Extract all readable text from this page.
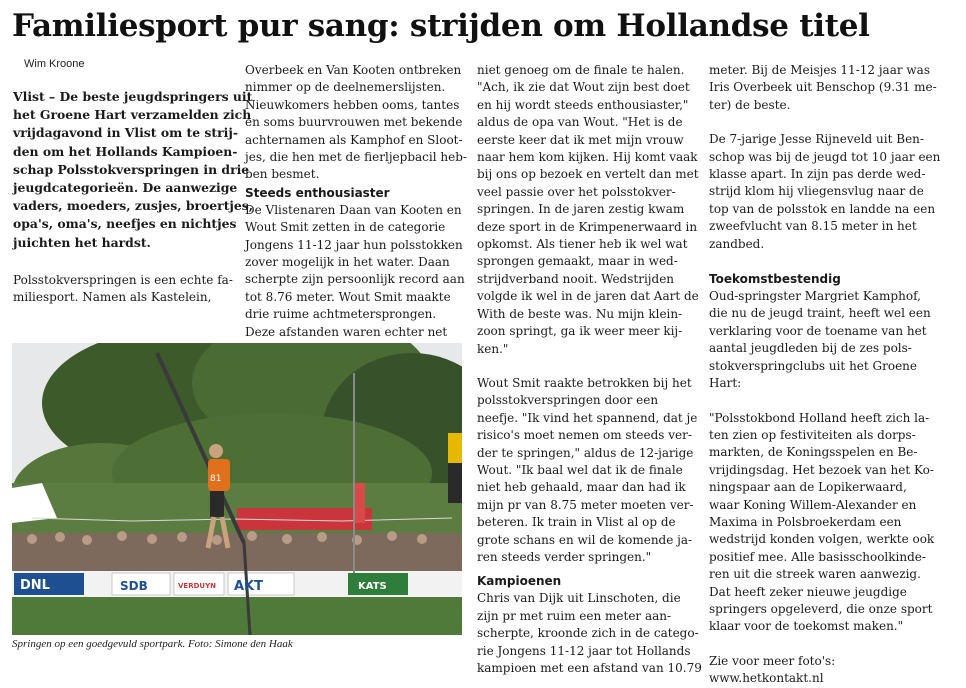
Familiesport pur sang: strijden om Hollandse titel
Wim Kroone
Vlist – De beste jeugdspringers uit
het Groene Hart verzamelden zich
vrijdagavond in Vlist om te strij-
den om het Hollands Kampioen-
schap Polsstokverspringen in drie
jeugdcategorieën. De aanwezige
vaders, moeders, zusjes, broertjes,
opa's, oma's, neefjes en nichtjes
juichten het hardst.
Polsstokverspringen is een echte fa-
miliesport. Namen als Kastelein,
Overbeek en Van Kooten ontbreken
nimmer op de deelnemerslijsten.
Nieuwkomers hebben ooms, tantes
en soms buurvrouwen met bekende
achternamen als Kamphof en Sloot-
jes, die hen met de fierljepbacil heb-
ben besmet.
Steeds enthousiaster
De Vlistenaren Daan van Kooten en
Wout Smit zetten in de categorie
Jongens 11-12 jaar hun polsstokken
zover mogelijk in het water. Daan
scherpte zijn persoonlijk record aan
tot 8.76 meter. Wout Smit maakte
drie ruime achtmetersprongen.
Deze afstanden waren echter net
niet genoeg om de finale te halen.
"Ach, ik zie dat Wout zijn best doet
en hij wordt steeds enthousiaster,"
aldus de opa van Wout. "Het is de
eerste keer dat ik met mijn vrouw
naar hem kom kijken. Hij komt vaak
bij ons op bezoek en vertelt dan met
veel passie over het polsstokver-
springen. In de jaren zestig kwam
deze sport in de Krimpenerwaard in
opkomst. Als tiener heb ik wel wat
sprongen gemaakt, maar in wed-
strijdverband nooit. Wedstrijden
volgde ik wel in de jaren dat Aart de
With de beste was. Nu mijn klein-
zoon springt, ga ik weer meer kij-
ken."
Wout Smit raakte betrokken bij het
polsstokverspringen door een
neefje. "Ik vind het spannend, dat je
risico's moet nemen om steeds ver-
der te springen," aldus de 12-jarige
Wout. "Ik baal wel dat ik de finale
niet heb gehaald, maar dan had ik
mijn pr van 8.75 meter moeten ver-
beteren. Ik train in Vlist al op de
grote schans en wil de komende ja-
ren steeds verder springen."
Kampioenen
Chris van Dijk uit Linschoten, die
zijn pr met ruim een meter aan-
scherpte, kroonde zich in de catego-
rie Jongens 11-12 jaar tot Hollands
kampioen met een afstand van 10.79
meter. Bij de Meisjes 11-12 jaar was
Iris Overbeek uit Benschop (9.31 me-
ter) de beste.
De 7-jarige Jesse Rijneveld uit Ben-
schop was bij de jeugd tot 10 jaar een
klasse apart. In zijn pas derde wed-
strijd klom hij vliegensvlug naar de
top van de polsstok en landde na een
zweefvlucht van 8.15 meter in het
zandbed.
Toekomstbestendig
Oud-springster Margriet Kamphof,
die nu de jeugd traint, heeft wel een
verklaring voor de toename van het
aantal jeugdleden bij de zes pols-
stokverspringclubs uit het Groene
Hart:
"Polsstokbond Holland heeft zich la-
ten zien op festiviteiten als dorps-
markten, de Koningsspelen en Be-
vrijdingsdag. Het bezoek van het Ko-
ningspaar aan de Lopikerwaard,
waar Koning Willem-Alexander en
Maxima in Polsbroekerdam een
wedstrijd konden volgen, werkte ook
positief mee. Alle basisschoolkinde-
ren uit die streek waren aanwezig.
Dat heeft zeker nieuwe jeugdige
springers opgeleverd, die onze sport
klaar voor de toekomst maken."
Zie voor meer foto's:
www.hetkontakt.nl
81
DNL	SDB	VERDUYN AKT	KATS
Springen op een goedgevuld sportpark. Foto: Simone den Haak
